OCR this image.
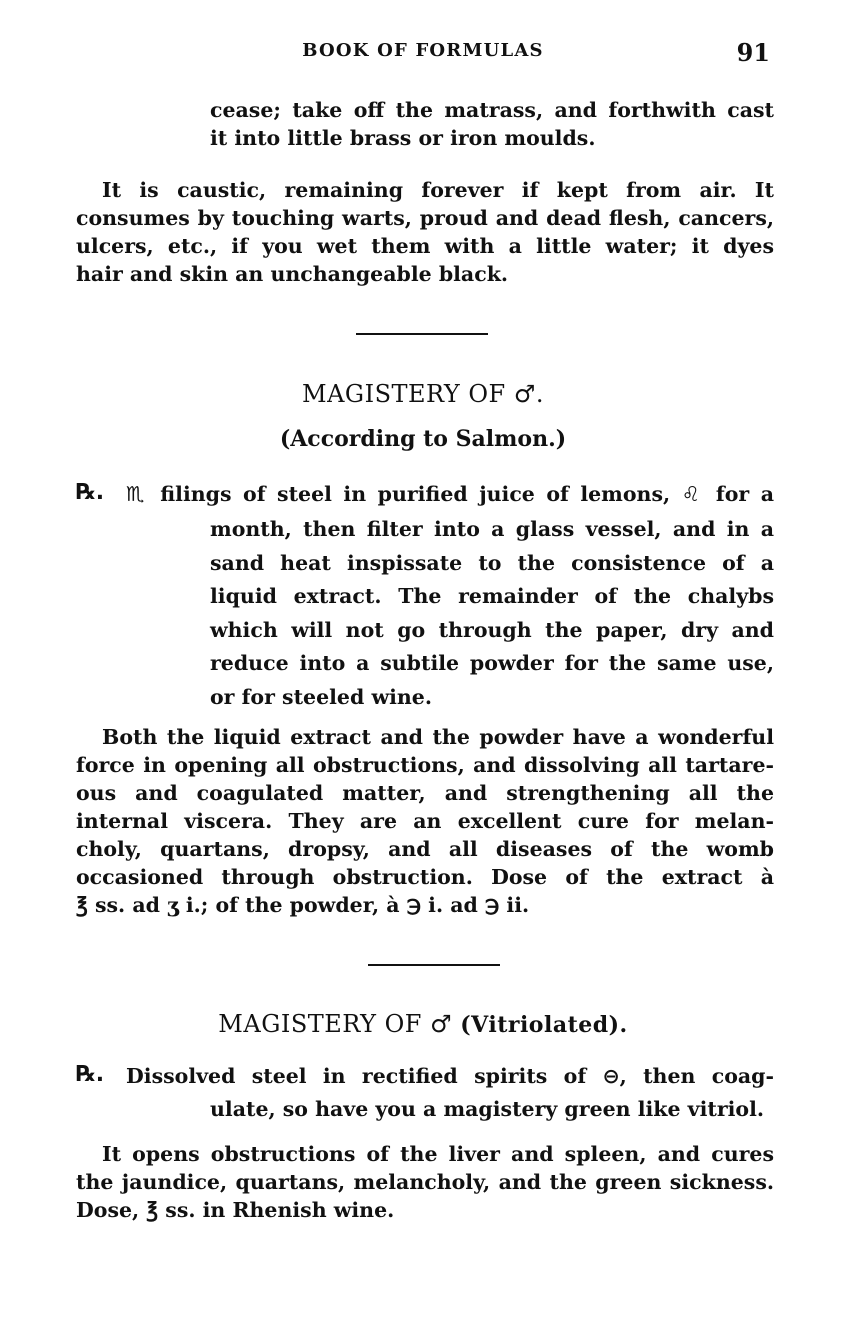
BOOK OF FORMULAS	91
cease; take off the matrass, and forthwith cast
it into little brass or iron moulds.
It is caustic, remaining forever if kept from air. It
consumes by touching warts, proud and dead flesh, cancers,
ulcers, etc., if you wet them with a little water; it dyes
hair and skin an unchangeable black.
MAGISTERY OF ♂.
(According to Salmon.)
℞. ♏ filings of steel in purified juice of lemons, ♌ for a
month, then filter into a glass vessel, and in a
sand heat inspissate to the consistence of a
liquid extract. The remainder of the chalybs
which will not go through the paper, dry and
reduce into a subtile powder for the same use,
or for steeled wine.
Both the liquid extract and the powder have a wonderful
force in opening all obstructions, and dissolving all tartare-
ous and coagulated matter, and strengthening all the
internal viscera. They are an excellent cure for melan-
choly, quartans, dropsy, and all diseases of the womb
occasioned through obstruction. Dose of the extract à
℥ ss. ad ʒ i.; of the powder, à ℈ i. ad ℈ ii.
MAGISTERY OF ♂ (Vitriolated).
℞. Dissolved steel in rectified spirits of ⊖, then coag-
ulate, so have you a magistery green like vitriol.
It opens obstructions of the liver and spleen, and cures
the jaundice, quartans, melancholy, and the green sickness.
Dose, ℥ ss. in Rhenish wine.
